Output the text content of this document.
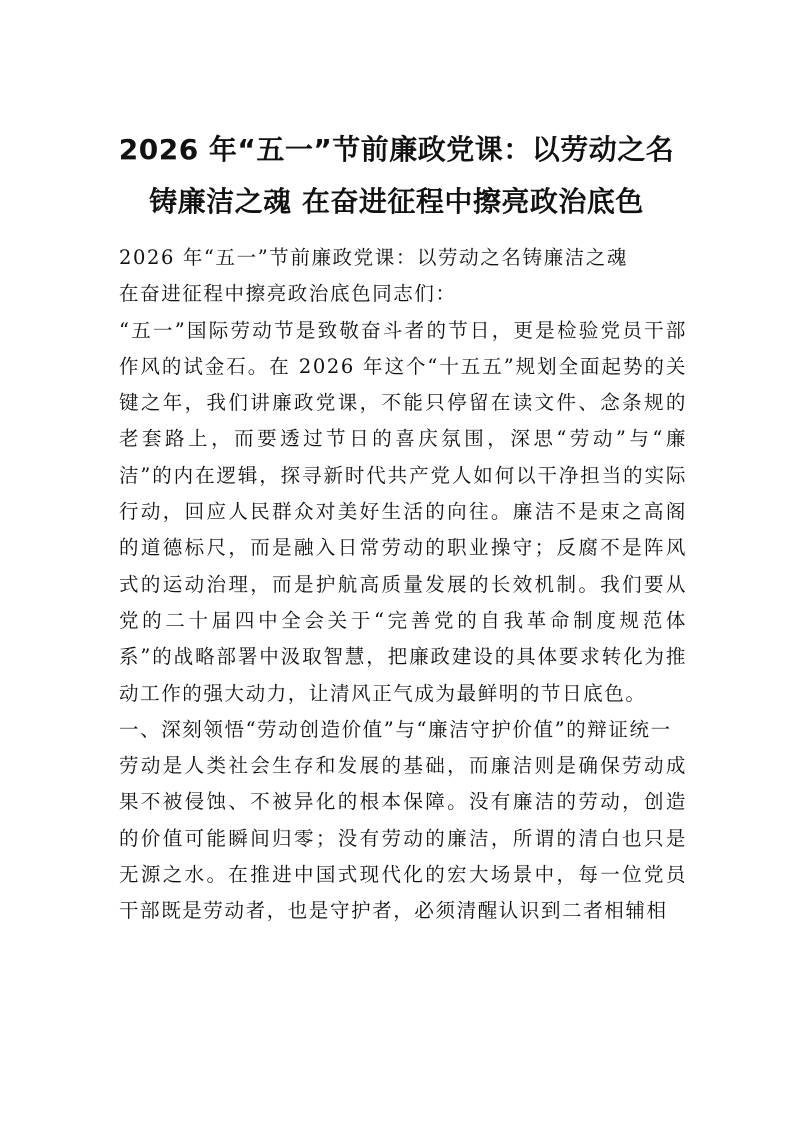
2026 年“五一”节前廉政党课：以劳动之名
铸廉洁之魂 在奋进征程中擦亮政治底色

2026 年“五一”节前廉政党课：以劳动之名铸廉洁之魂

在奋进征程中擦亮政治底色同志们：

“五一”国际劳动节是致敬奋斗者的节日，更是检验党员干部作风的试金石。在 2026 年这个“十五五”规划全面起势的关键之年，我们讲廉政党课，不能只停留在读文件、念条规的老套路上，而要透过节日的喜庆氛围，深思“劳动”与“廉洁”的内在逻辑，探寻新时代共产党人如何以干净担当的实际行动，回应人民群众对美好生活的向往。廉洁不是束之高阁的道德标尺，而是融入日常劳动的职业操守；反腐不是阵风式的运动治理，而是护航高质量发展的长效机制。我们要从党的二十届四中全会关于“完善党的自我革命制度规范体系”的战略部署中汲取智慧，把廉政建设的具体要求转化为推动工作的强大动力，让清风正气成为最鲜明的节日底色。

一、深刻领悟“劳动创造价值”与“廉洁守护价值”的辩证统一

劳动是人类社会生存和发展的基础，而廉洁则是确保劳动成果不被侵蚀、不被异化的根本保障。没有廉洁的劳动，创造的价值可能瞬间归零；没有劳动的廉洁，所谓的清白也只是无源之水。在推进中国式现代化的宏大场景中，每一位党员干部既是劳动者，也是守护者，必须清醒认识到二者相辅相
